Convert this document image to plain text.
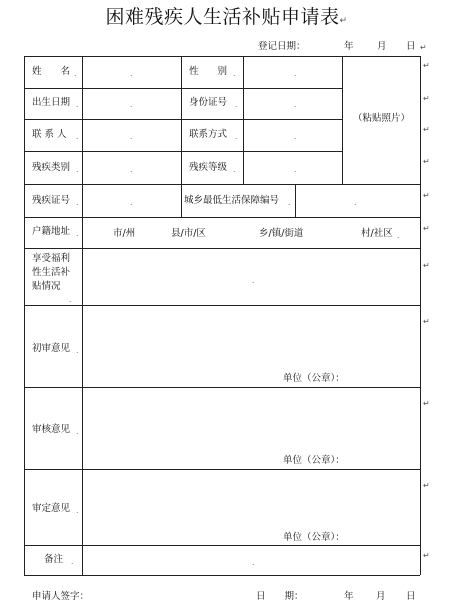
困难残疾人生活补贴申请表↵
登记日期：	年 月 日 ↵
姓　　名 .	.	性　　别 .	.
（粘贴照片）
出生日期 .	.	身份证号 .	.
联 系 人 .	.	联系方式 .	.
残疾类别 .	.	残疾等级 .	.
残疾证号 .	.	城乡最低生活保障编号 .	.
户籍地址 .	市/州	县/市/区	乡/镇/街道	村/社区 .
享受福利
性生活补
贴情况
.
.
初审意见 .
单位（公章）：
审核意见 .
单位（公章）：
审定意见 .
单位（公章）：
备注 .	.
↵
↵
↵
↵
↵
↵
↵
↵
↵
↵
↵
申请人签字：	日　　期：	年 月 日
